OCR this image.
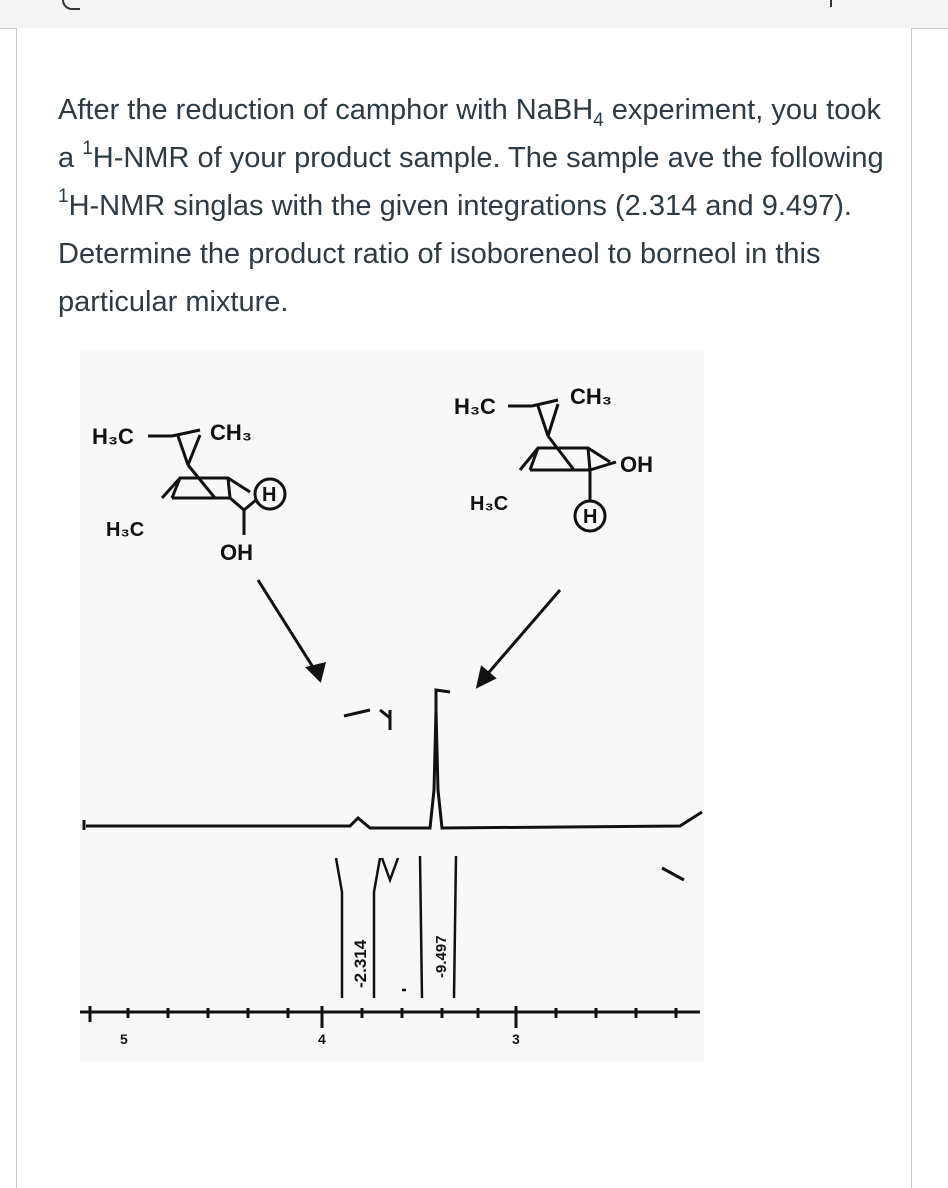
After the reduction of camphor with NaBH$_4$ experiment, you took a $^1$H-NMR of your product sample. The sample ave the following $^1$H-NMR singlas with the given integrations (2.314 and 9.497). Determine the product ratio of isoboreneol to borneol in this particular mixture.
H₃C	CH₃
H₃C
H
OH
H₃C	CH₃
H₃C
H
OH
-2.314	-9.497
5	4	3
